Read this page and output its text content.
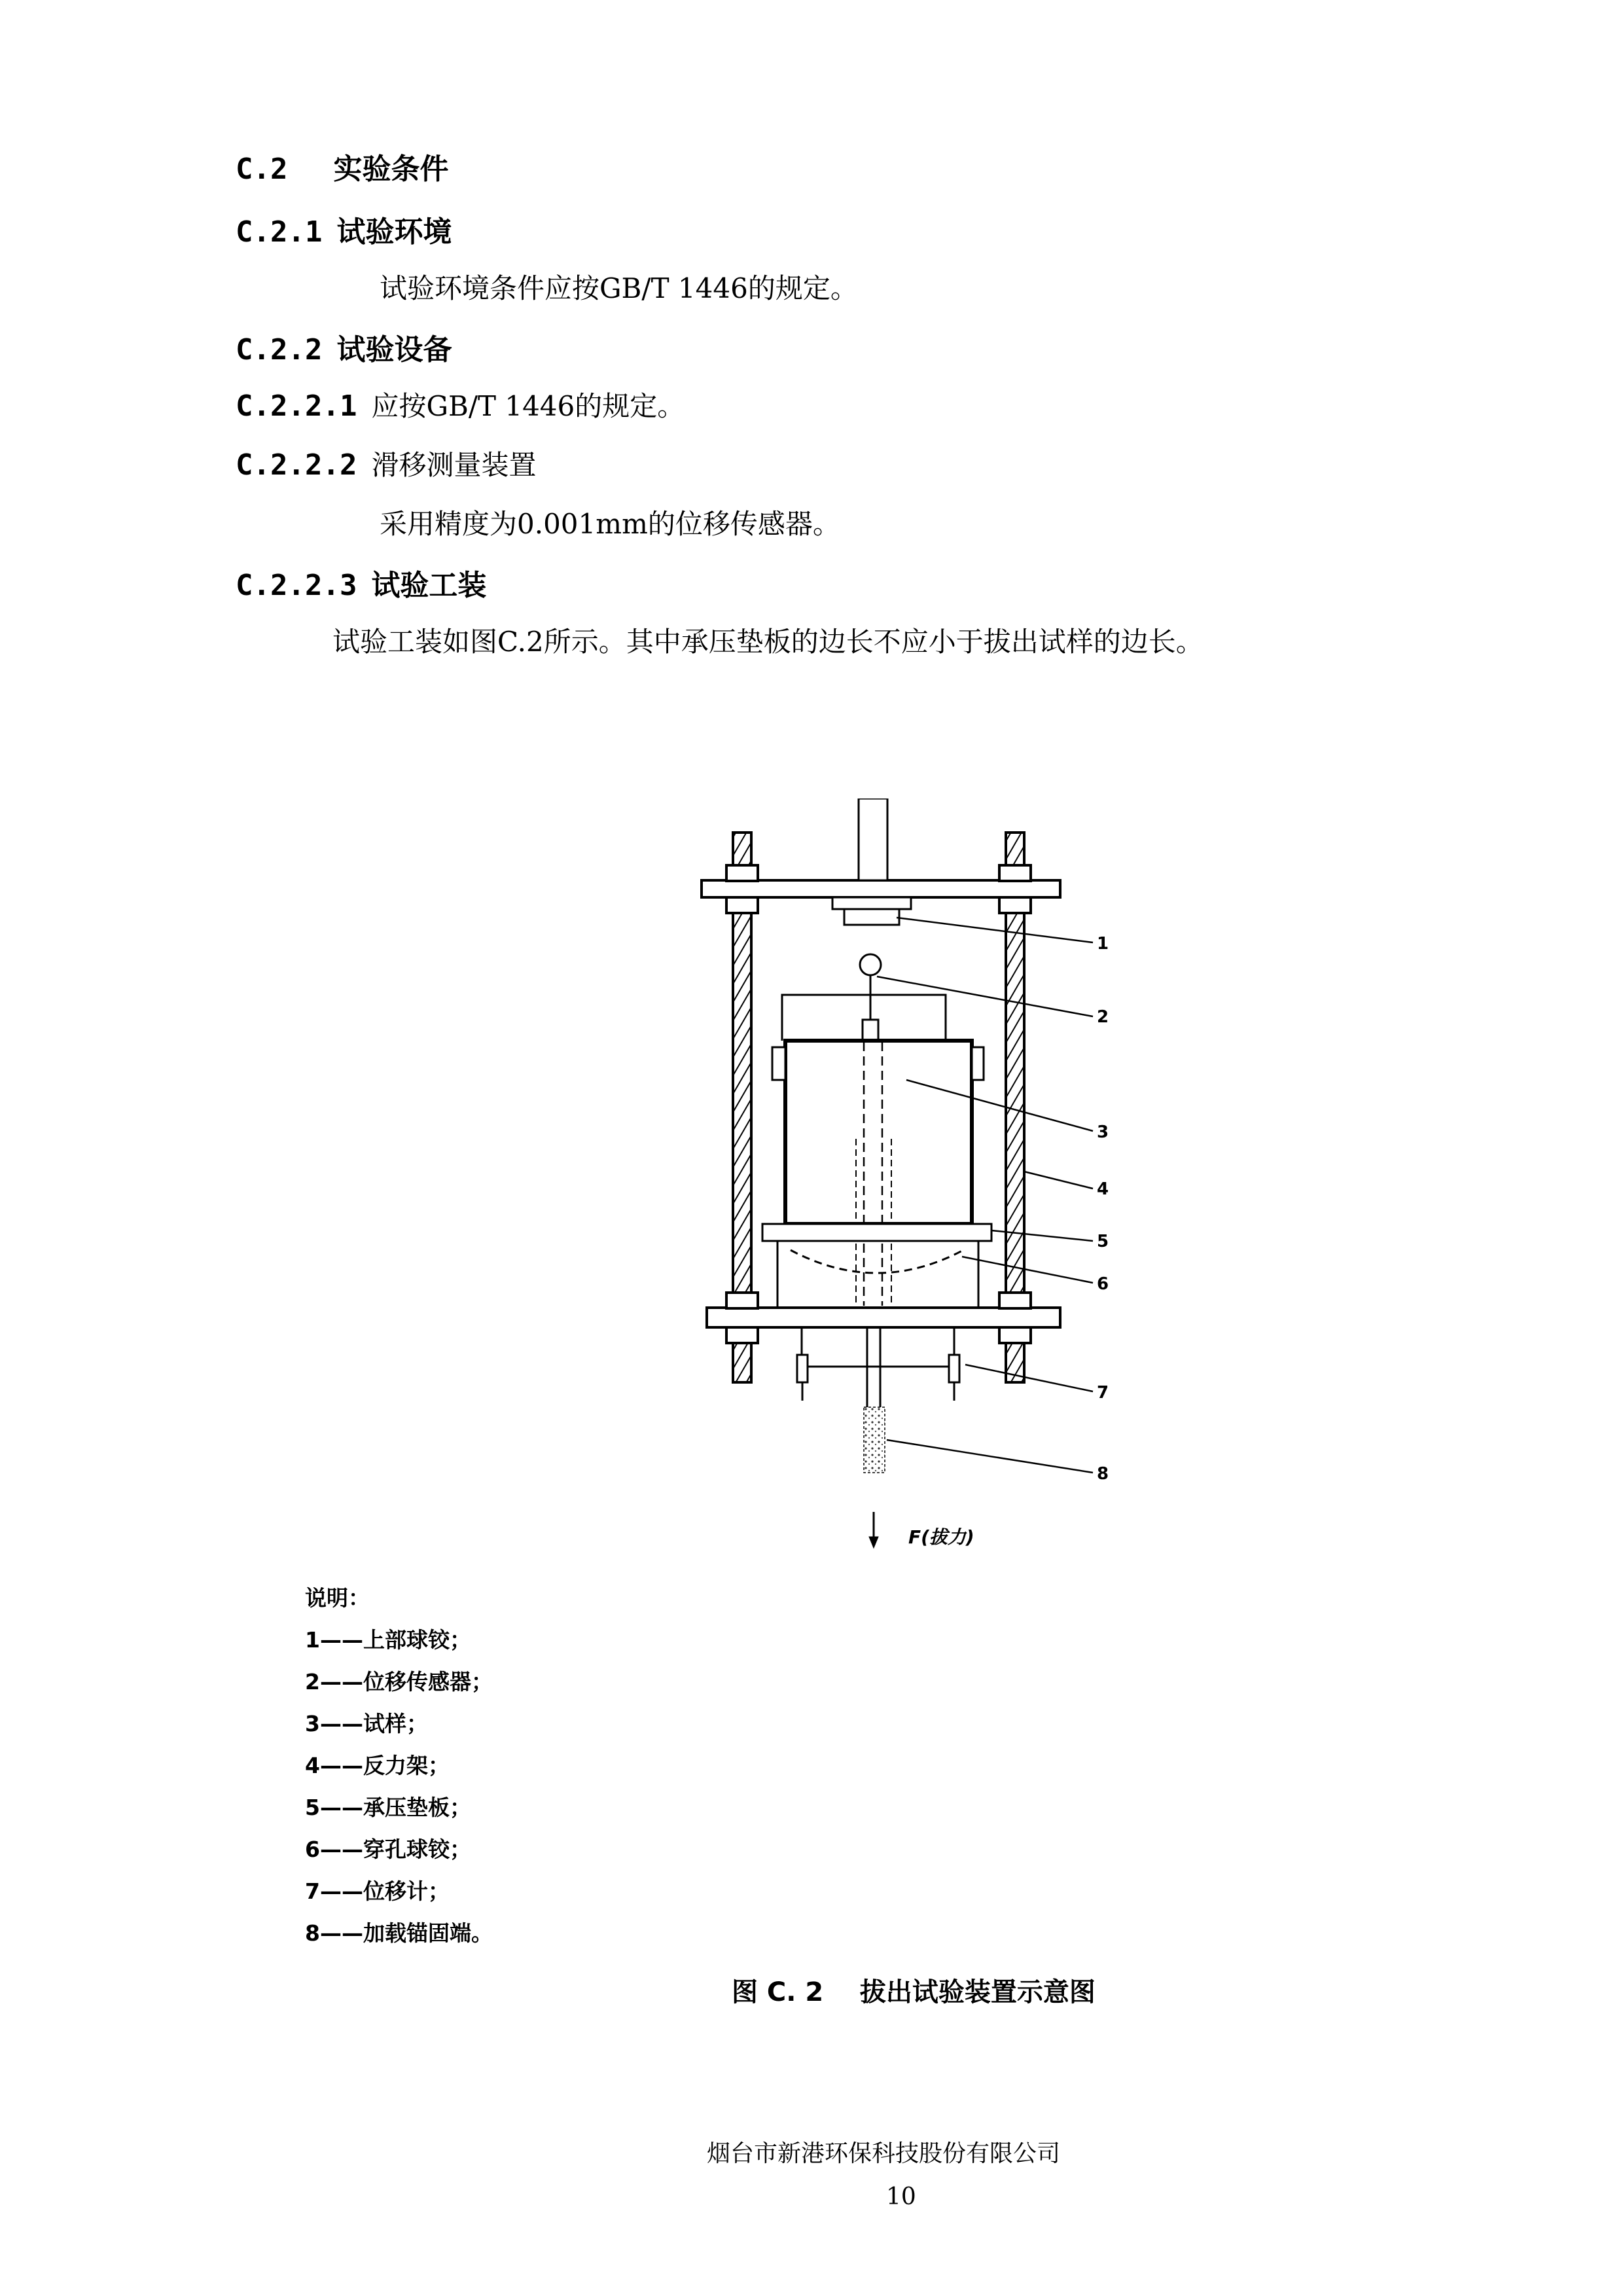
C.2 实验条件
C.2.1 试验环境
试验环境条件应按GB/T 1446的规定。
C.2.2 试验设备
C.2.2.1 应按GB/T 1446的规定。
C.2.2.2 滑移测量装置
采用精度为0.001mm的位移传感器。
C.2.2.3 试验工装
试验工装如图C.2所示。其中承压垫板的边长不应小于拔出试样的边长。
1
2
3
4
5
6
7
8
F(拔力)
说明：
1——上部球铰；
2——位移传感器；
3——试样；
4——反力架；
5——承压垫板；
6——穿孔球铰；
7——位移计；
8——加载锚固端。
图 C. 2    拔出试验装置示意图
烟台市新港环保科技股份有限公司
10
